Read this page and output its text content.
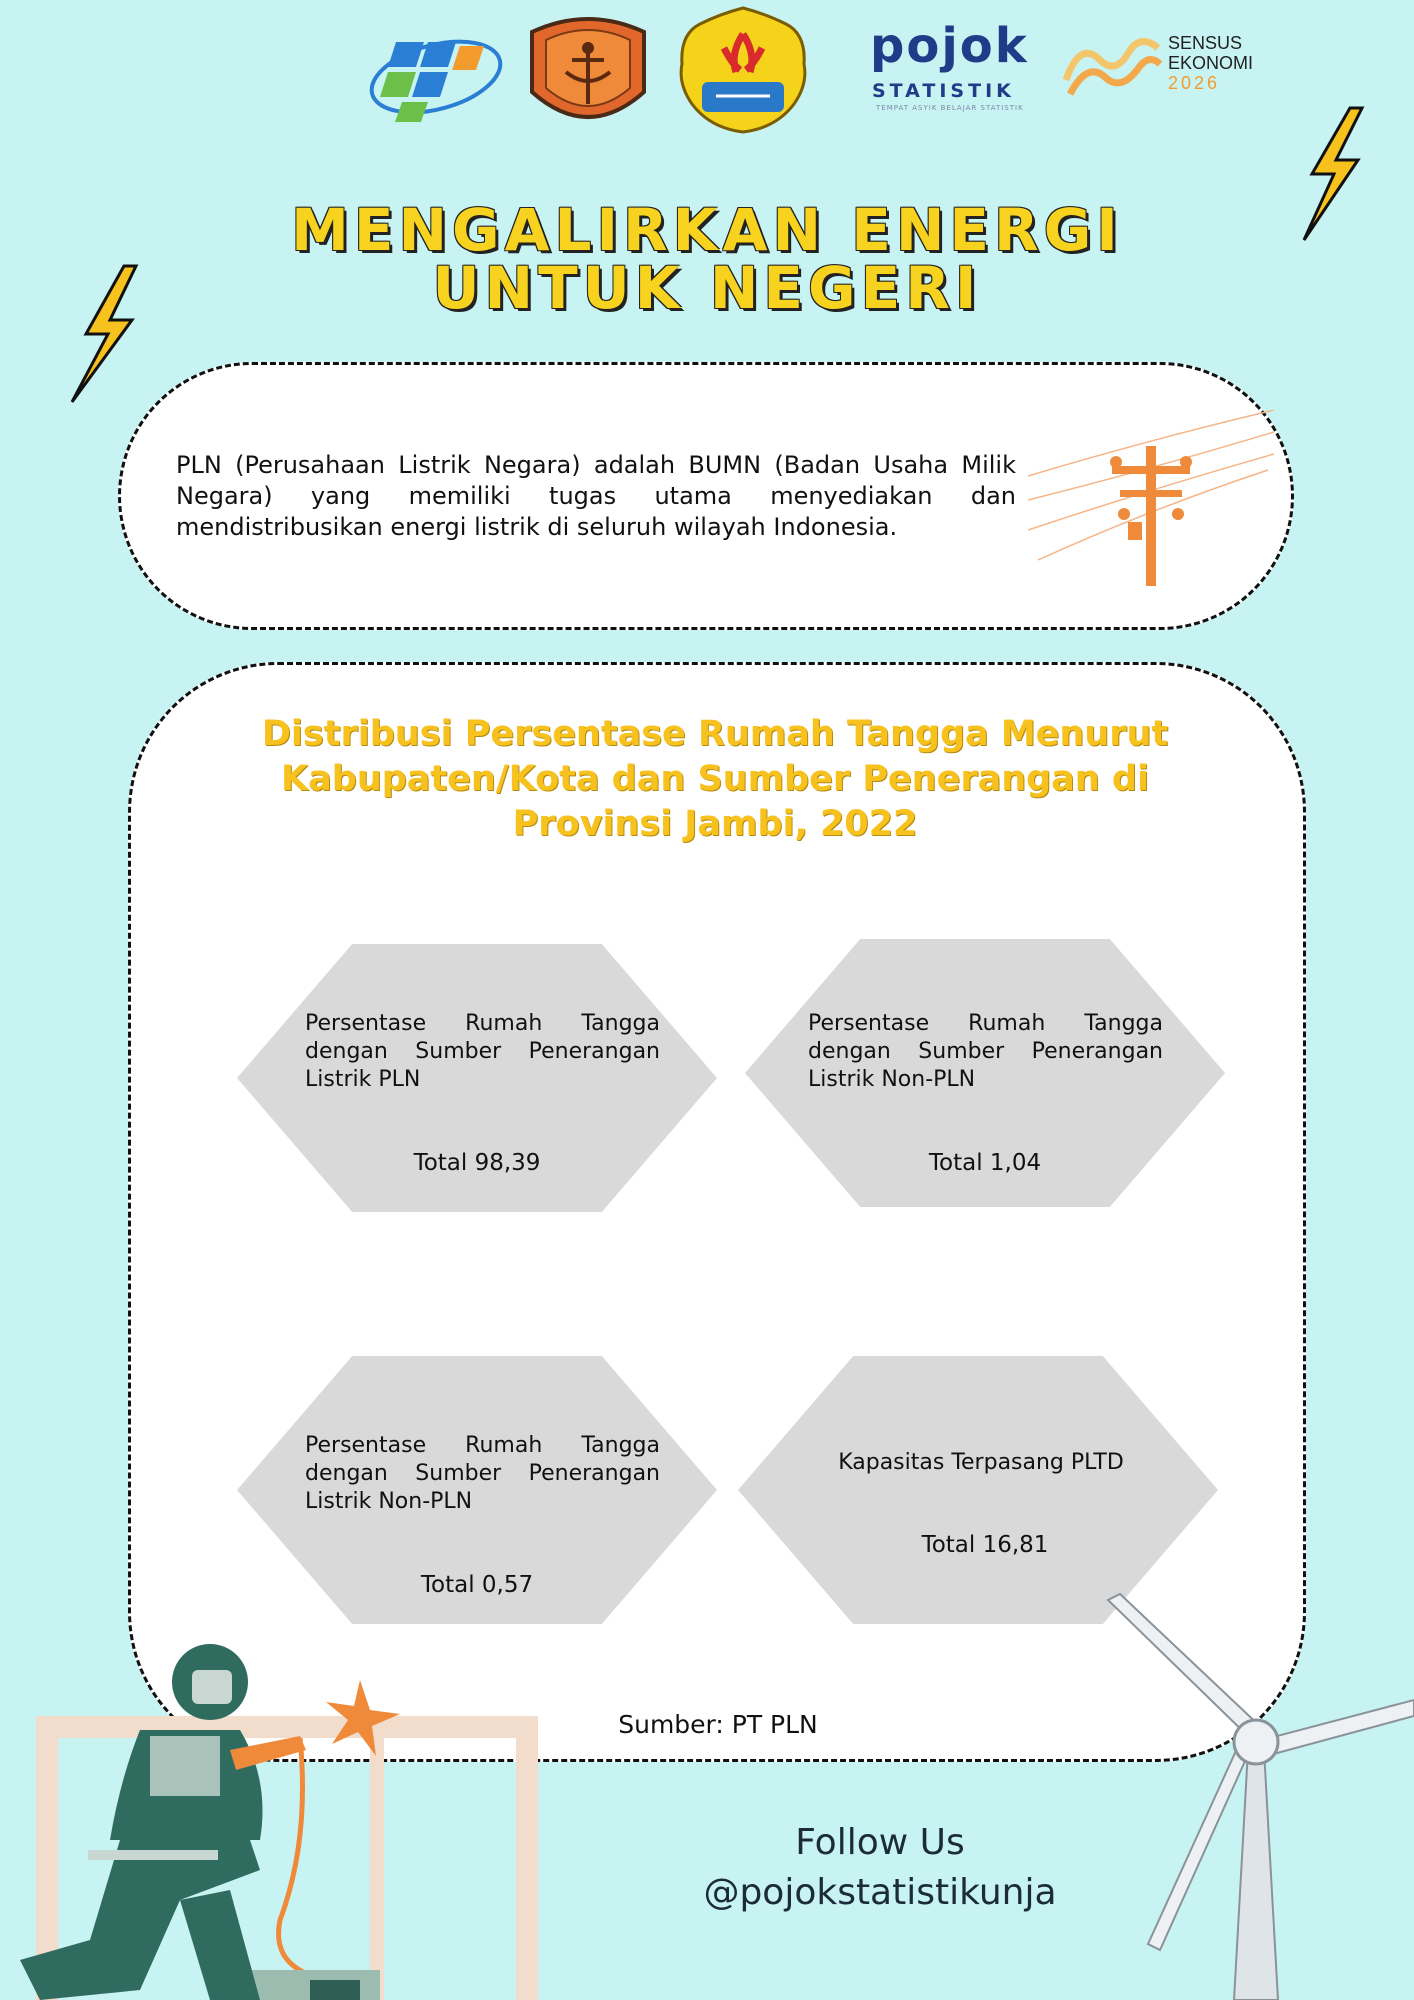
pojok
STATISTIK
TEMPAT ASYIK BELAJAR STATISTIK
SENSUS
EKONOMI
2026
MENGALIRKAN ENERGI
UNTUK NEGERI
PLN (Perusahaan Listrik Negara) adalah BUMN (Badan Usaha Milik Negara) yang memiliki tugas utama menyediakan dan mendistribusikan energi listrik di seluruh wilayah Indonesia.
Distribusi Persentase Rumah Tangga Menurut Kabupaten/Kota dan Sumber Penerangan di Provinsi Jambi, 2022
Persentase Rumah Tangga dengan Sumber Penerangan Listrik PLN
Total 98,39
Persentase Rumah Tangga dengan Sumber Penerangan Listrik Non-PLN
Total 1,04
Persentase Rumah Tangga dengan Sumber Penerangan Listrik Non-PLN
Total 0,57
Kapasitas Terpasang PLTD
Total 16,81
Sumber: PT PLN
Follow Us
@pojokstatistikunja
